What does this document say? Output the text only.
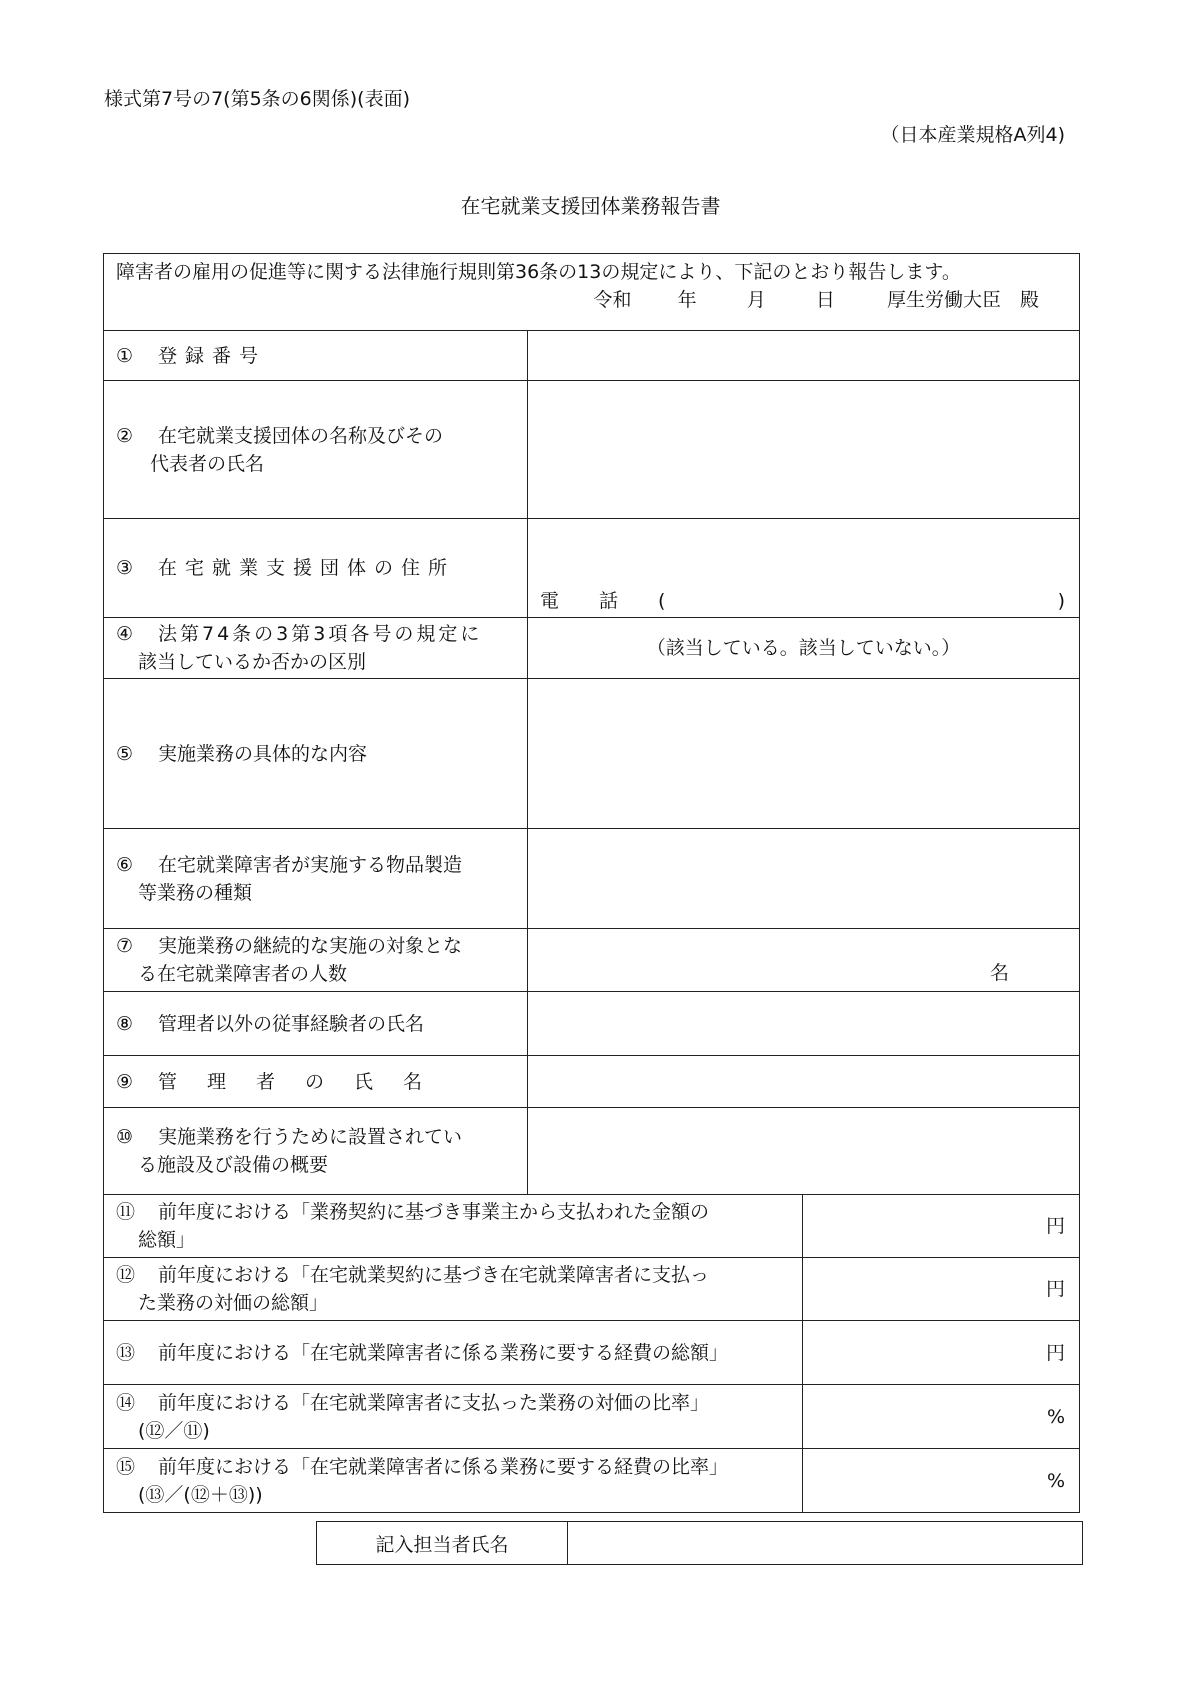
様式第7号の7(第5条の6関係)(表面)
（日本産業規格A列4)
在宅就業支援団体業務報告書
障害者の雇用の促進等に関する法律施行規則第36条の13の規定により、下記のとおり報告します。
令和 年 月 日 厚生労働大臣　殿		

① 登録番号		
② 在宅就業支援団体の名称及びその
代表者の氏名		

③ 在宅就業支援団体の住所	電話( )	

④ 法第74条の3第3項各号の規定に
該当しているか否かの区別	（該当している。該当していない。）	
⑤ 実施業務の具体的な内容		
⑥ 在宅就業障害者が実施する物品製造
等業務の種類		

⑦ 実施業務の継続的な実施の対象とな
る在宅就業障害者の人数	名	

⑧ 管理者以外の従事経験者の氏名		
⑨ 管理者の氏名		
⑩ 実施業務を行うために設置されてい
る施設及び設備の概要		

⑪ 前年度における「業務契約に基づき事業主から支払われた金額の
総額」		円

⑫ 前年度における「在宅就業契約に基づき在宅就業障害者に支払っ
た業務の対価の総額」		円

⑬ 前年度における「在宅就業障害者に係る業務に要する経費の総額」		円

⑭ 前年度における「在宅就業障害者に支払った業務の対価の比率」
(⑫／⑪)		%

⑮ 前年度における「在宅就業障害者に係る業務に要する経費の比率」
(⑬／(⑫＋⑬))		%
記入担当者氏名	
